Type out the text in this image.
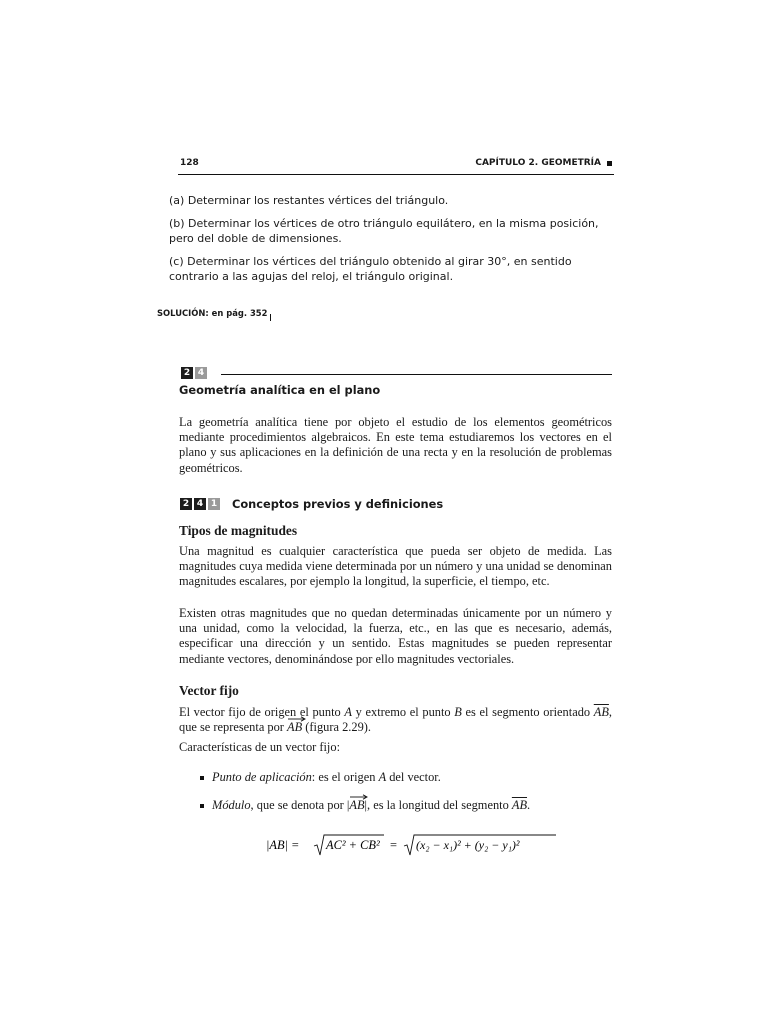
128	CAPÍTULO 2. GEOMETRÍA
(a) Determinar los restantes vértices del triángulo.
(b) Determinar los vértices de otro triángulo equilátero, en la misma posición, pero del doble de dimensiones.
(c) Determinar los vértices del triángulo obtenido al girar 30°, en sentido contrario a las agujas del reloj, el triángulo original.
SOLUCIÓN: en pág. 352
2 4
Geometría analítica en el plano
La geometría analítica tiene por objeto el estudio de los elementos geométricos mediante procedimientos algebraicos. En este tema estudiaremos los vectores en el plano y sus aplicaciones en la definición de una recta y en la resolución de problemas geométricos.
2 4 1 Conceptos previos y definiciones
Tipos de magnitudes
Una magnitud es cualquier característica que pueda ser objeto de medida. Las magnitudes cuya medida viene determinada por un número y una unidad se denominan magnitudes escalares, por ejemplo la longitud, la superficie, el tiempo, etc.
Existen otras magnitudes que no quedan determinadas únicamente por un número y una unidad, como la velocidad, la fuerza, etc., en las que es necesario, además, especificar una dirección y un sentido. Estas magnitudes se pueden representar mediante vectores, denominándose por ello magnitudes vectoriales.
Vector fijo
El vector fijo de origen el punto A y extremo el punto B es el segmento orientado $\overline{AB}$, que se representa por
AB (figura 2.29).
Características de un vector fijo:
Punto de aplicación: es el origen A del vector.
Módulo, que se denota por |
AB|, es la longitud del segmento $\overline{AB}$.
|AB| = AC² + CB² = (x₂ − x₁)² + (y₂ − y₁)²
